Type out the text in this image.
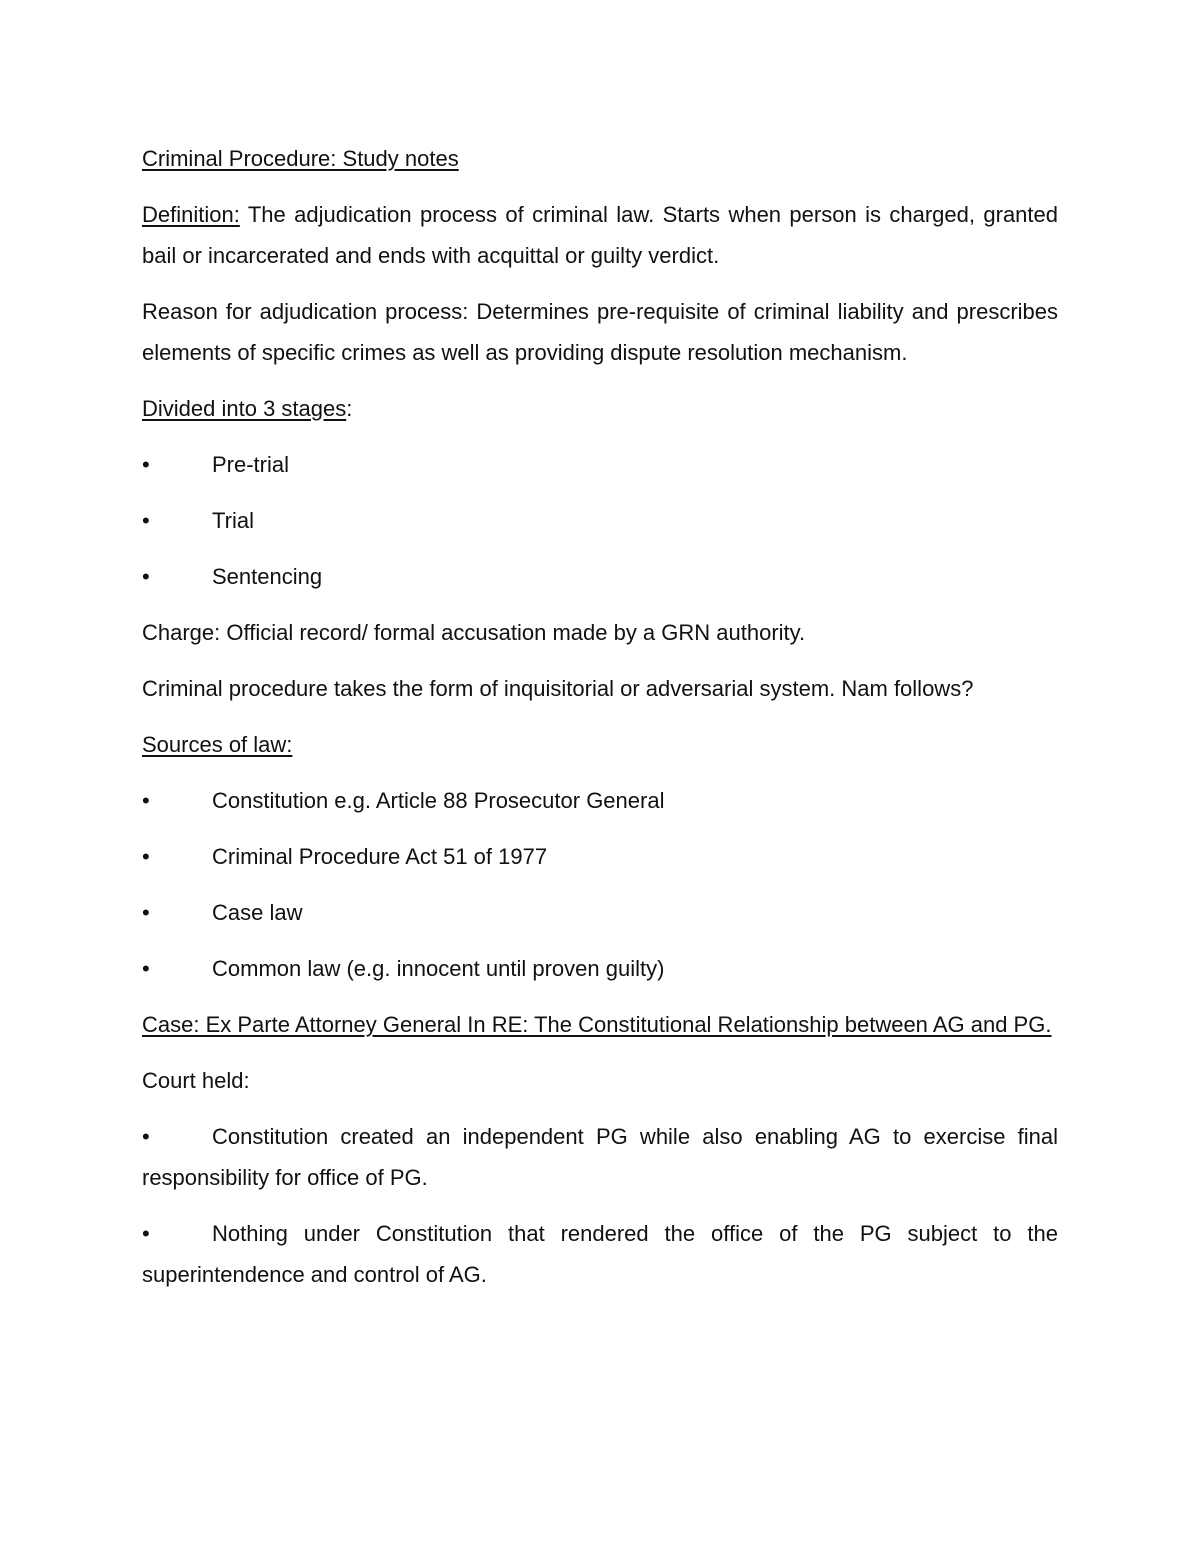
Criminal Procedure: Study notes

Definition: The adjudication process of criminal law. Starts when person is charged, granted bail or incarcerated and ends with acquittal or guilty verdict.

Reason for adjudication process: Determines pre-requisite of criminal liability and prescribes elements of specific crimes as well as providing dispute resolution mechanism.

Divided into 3 stages:

•	Pre-trial
•	Trial
•	Sentencing

Charge: Official record/ formal accusation made by a GRN authority.

Criminal procedure takes the form of inquisitorial or adversarial system. Nam follows?

Sources of law:

•	Constitution e.g. Article 88 Prosecutor General
•	Criminal Procedure Act 51 of 1977
•	Case law
•	Common law (e.g. innocent until proven guilty)

Case: Ex Parte Attorney General In RE: The Constitutional Relationship between AG and PG.

Court held:

•	Constitution created an independent PG while also enabling AG to exercise final responsibility for office of PG.

•	Nothing under Constitution that rendered the office of the PG subject to the superintendence and control of AG.
